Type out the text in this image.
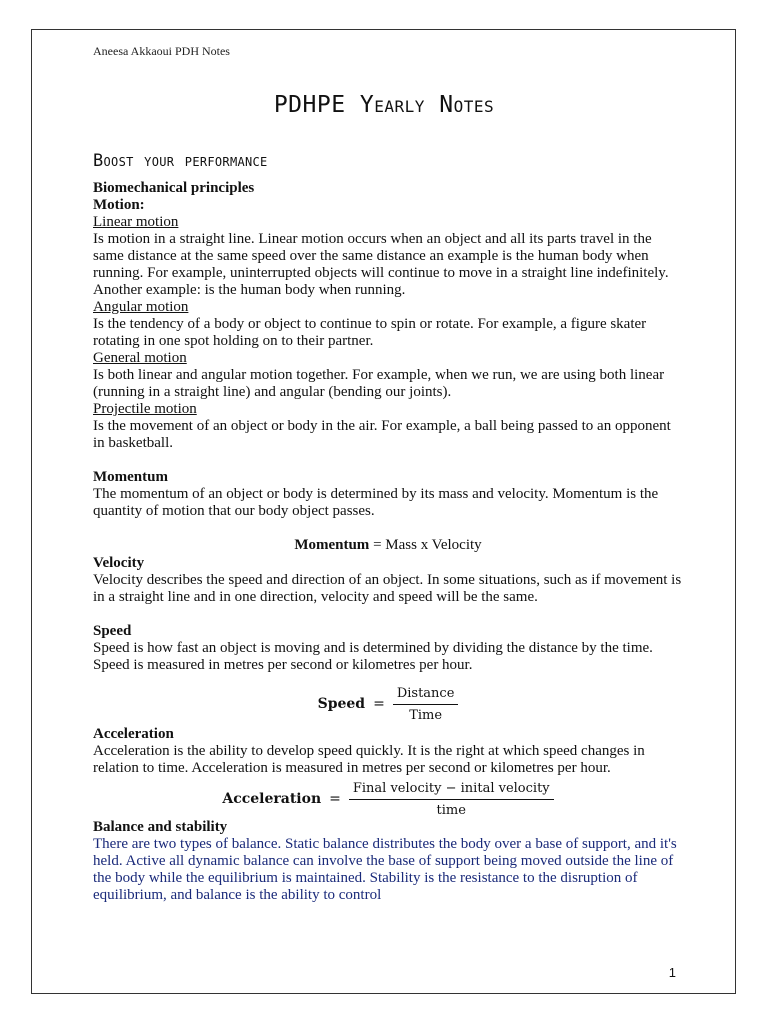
Aneesa Akkaoui PDH Notes
PDHPE Yearly Notes
Boost your performance
Biomechanical principles
Motion:
Linear motion

Is motion in a straight line. Linear motion occurs when an object and all its parts travel in the same distance at the same speed over the same distance an example is the human body when running. For example, uninterrupted objects will continue to move in a straight line indefinitely. Another example: is the human body when running.

Angular motion

Is the tendency of a body or object to continue to spin or rotate. For example, a figure skater rotating in one spot holding on to their partner.

General motion

Is both linear and angular motion together. For example, when we run, we are using both linear (running in a straight line) and angular (bending our joints).

Projectile motion

Is the movement of an object or body in the air. For example, a ball being passed to an opponent in basketball.

Momentum

The momentum of an object or body is determined by its mass and velocity. Momentum is the quantity of motion that our body object passes.

Momentum = Mass x Velocity
Velocity

Velocity describes the speed and direction of an object. In some situations, such as if movement is in a straight line and in one direction, velocity and speed will be the same.

Speed

Speed is how fast an object is moving and is determined by dividing the distance by the time. Speed is measured in metres per second or kilometres per hour.

Speed = $\frac{\text{Distance}}{\text{Time}}$
Acceleration

Acceleration is the ability to develop speed quickly. It is the right at which speed changes in relation to time. Acceleration is measured in metres per second or kilometres per hour.

Acceleration = $\frac{\text{Final velocity − inital velocity}}{\text{time}}$
Balance and stability

There are two types of balance. Static balance distributes the body over a base of support, and it's held. Active all dynamic balance can involve the base of support being moved outside the line of the body while the equilibrium is maintained. Stability is the resistance to the disruption of equilibrium, and balance is the ability to control

1
